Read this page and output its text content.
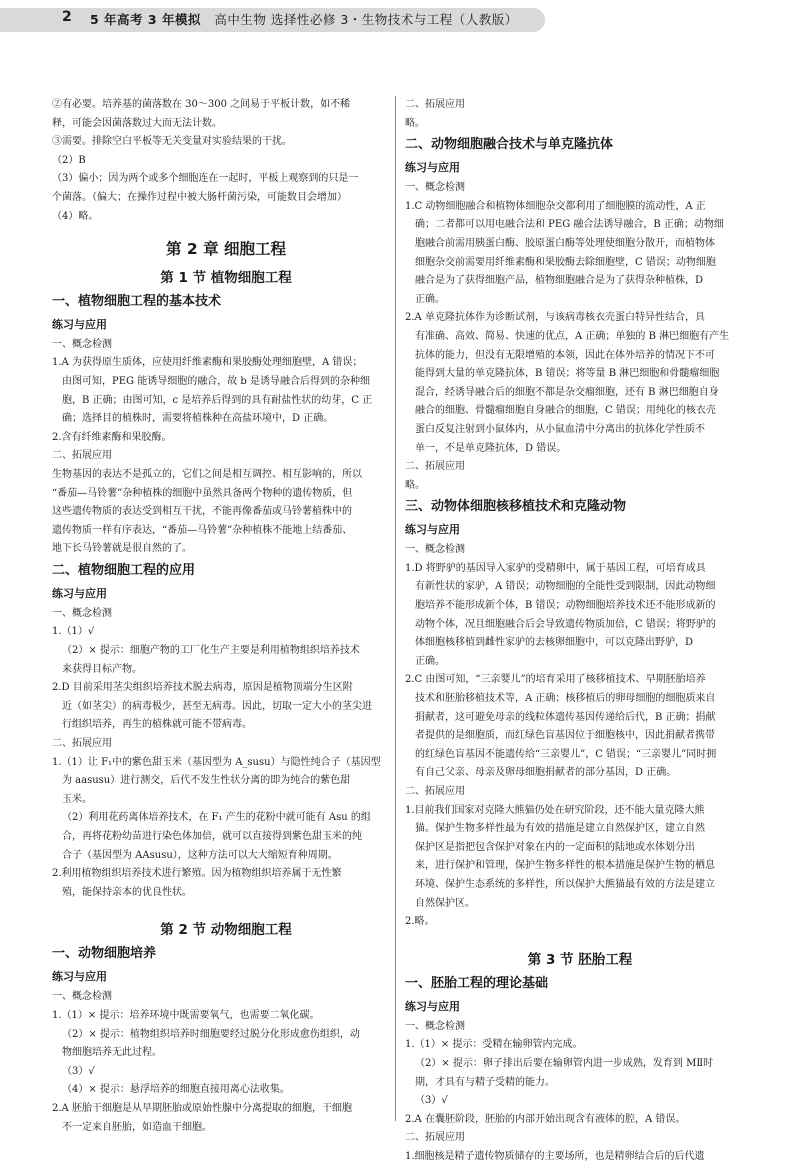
2 5 年高考 3 年模拟 高中生物 选择性必修 3・生物技术与工程（人教版）

②有必要。培养基的菌落数在 30～300 之间易于平板计数，如不稀

释，可能会因菌落数过大而无法计数。

③需要。排除空白平板等无关变量对实验结果的干扰。

（2）B

（3）偏小；因为两个或多个细胞连在一起时，平板上观察到的只是一

个菌落。（偏大；在操作过程中被大肠杆菌污染，可能数目会增加）

（4）略。

第 2 章 细胞工程
第 1 节 植物细胞工程
一、植物细胞工程的基本技术
练习与应用

一、概念检测

1.A 为获得原生质体，应使用纤维素酶和果胶酶处理细胞壁，A 错误；

由图可知，PEG 能诱导细胞的融合，故 b 是诱导融合后得到的杂种细

胞，B 正确；由图可知，c 是培养后得到的具有耐盐性状的幼芽，C 正

确；选择目的植株时，需要将植株种在高盐环境中，D 正确。

2.含有纤维素酶和果胶酶。

二、拓展应用

生物基因的表达不是孤立的，它们之间是相互调控、相互影响的，所以

“番茄—马铃薯”杂种植株的细胞中虽然具备两个物种的遗传物质，但

这些遗传物质的表达受到相互干扰，不能再像番茄或马铃薯植株中的

遗传物质一样有序表达，“番茄—马铃薯”杂种植株不能地上结番茄、

地下长马铃薯就是很自然的了。

二、植物细胞工程的应用
练习与应用

一、概念检测

1.（1）√

（2）× 提示：细胞产物的工厂化生产主要是利用植物组织培养技术

来获得目标产物。

2.D 目前采用茎尖组织培养技术脱去病毒，原因是植物顶端分生区附

近（如茎尖）的病毒极少，甚至无病毒。因此，切取一定大小的茎尖进

行组织培养，再生的植株就可能不带病毒。

二、拓展应用

1.（1）让 F₁中的紫色甜玉米（基因型为 A_susu）与隐性纯合子（基因型

为 aasusu）进行测交，后代不发生性状分离的即为纯合的紫色甜

玉米。

（2）利用花药离体培养技术，在 F₁ 产生的花粉中就可能有 Asu 的组

合，再将花粉幼苗进行染色体加倍，就可以直接得到紫色甜玉米的纯

合子（基因型为 AAsusu），这种方法可以大大缩短育种周期。

2.利用植物组织培养技术进行繁殖。因为植物组织培养属于无性繁

殖，能保持亲本的优良性状。

第 2 节 动物细胞工程
一、动物细胞培养
练习与应用

一、概念检测

1.（1）× 提示：培养环境中既需要氧气，也需要二氧化碳。

（2）× 提示：植物组织培养时细胞要经过脱分化形成愈伤组织，动

物细胞培养无此过程。

（3）√

（4）× 提示：悬浮培养的细胞直接用离心法收集。

2.A 胚胎干细胞是从早期胚胎或原始性腺中分离提取的细胞，干细胞

不一定来自胚胎，如造血干细胞。

二、拓展应用

略。

二、动物细胞融合技术与单克隆抗体
练习与应用

一、概念检测

1.C 动物细胞融合和植物体细胞杂交都利用了细胞膜的流动性，A 正

确；二者都可以用电融合法和 PEG 融合法诱导融合，B 正确；动物细

胞融合前需用胰蛋白酶、胶原蛋白酶等处理使细胞分散开，而植物体

细胞杂交前需要用纤维素酶和果胶酶去除细胞壁，C 错误；动物细胞

融合是为了获得细胞产品，植物细胞融合是为了获得杂种植株，D

正确。

2.A 单克隆抗体作为诊断试剂，与该病毒核衣壳蛋白特异性结合，具

有准确、高效、简易、快速的优点，A 正确；单独的 B 淋巴细胞有产生

抗体的能力，但没有无限增殖的本领，因此在体外培养的情况下不可

能得到大量的单克隆抗体，B 错误；将等量 B 淋巴细胞和骨髓瘤细胞

混合，经诱导融合后的细胞不都是杂交瘤细胞，还有 B 淋巴细胞自身

融合的细胞、骨髓瘤细胞自身融合的细胞，C 错误；用纯化的核衣壳

蛋白反复注射到小鼠体内，从小鼠血清中分离出的抗体化学性质不

单一，不是单克隆抗体，D 错误。

二、拓展应用

略。

三、动物体细胞核移植技术和克隆动物
练习与应用

一、概念检测

1.D 将野驴的基因导入家驴的受精卵中，属于基因工程，可培育成具

有新性状的家驴，A 错误；动物细胞的全能性受到限制，因此动物细

胞培养不能形成新个体，B 错误；动物细胞培养技术还不能形成新的

动物个体，况且细胞融合后会导致遗传物质加倍，C 错误；将野驴的

体细胞核移植到雌性家驴的去核卵细胞中，可以克隆出野驴，D

正确。

2.C 由图可知，“三亲婴儿”的培育采用了核移植技术、早期胚胎培养

技术和胚胎移植技术等，A 正确；核移植后的卵母细胞的细胞质来自

捐献者，这可避免母亲的线粒体遗传基因传递给后代，B 正确；捐献

者提供的是细胞质，而红绿色盲基因位于细胞核中，因此捐献者携带

的红绿色盲基因不能遗传给“三亲婴儿”，C 错误；“三亲婴儿”同时拥

有自己父亲、母亲及卵母细胞捐献者的部分基因，D 正确。

二、拓展应用

1.目前我们国家对克隆大熊猫仍处在研究阶段，还不能大量克隆大熊

猫。保护生物多样性最为有效的措施是建立自然保护区，建立自然

保护区是指把包含保护对象在内的一定面积的陆地或水体划分出

来，进行保护和管理，保护生物多样性的根本措施是保护生物的栖息

环境、保护生态系统的多样性，所以保护大熊猫最有效的方法是建立

自然保护区。

2.略。

第 3 节 胚胎工程
一、胚胎工程的理论基础
练习与应用

一、概念检测

1.（1）× 提示：受精在输卵管内完成。

（2）× 提示：卵子排出后要在输卵管内进一步成熟，发育到 MⅡ时

期，才具有与精子受精的能力。

（3）√

2.A 在囊胚阶段，胚胎的内部开始出现含有液体的腔，A 错误。

二、拓展应用

1.细胞核是精子遗传物质储存的主要场所，也是精卵结合后的后代遗
